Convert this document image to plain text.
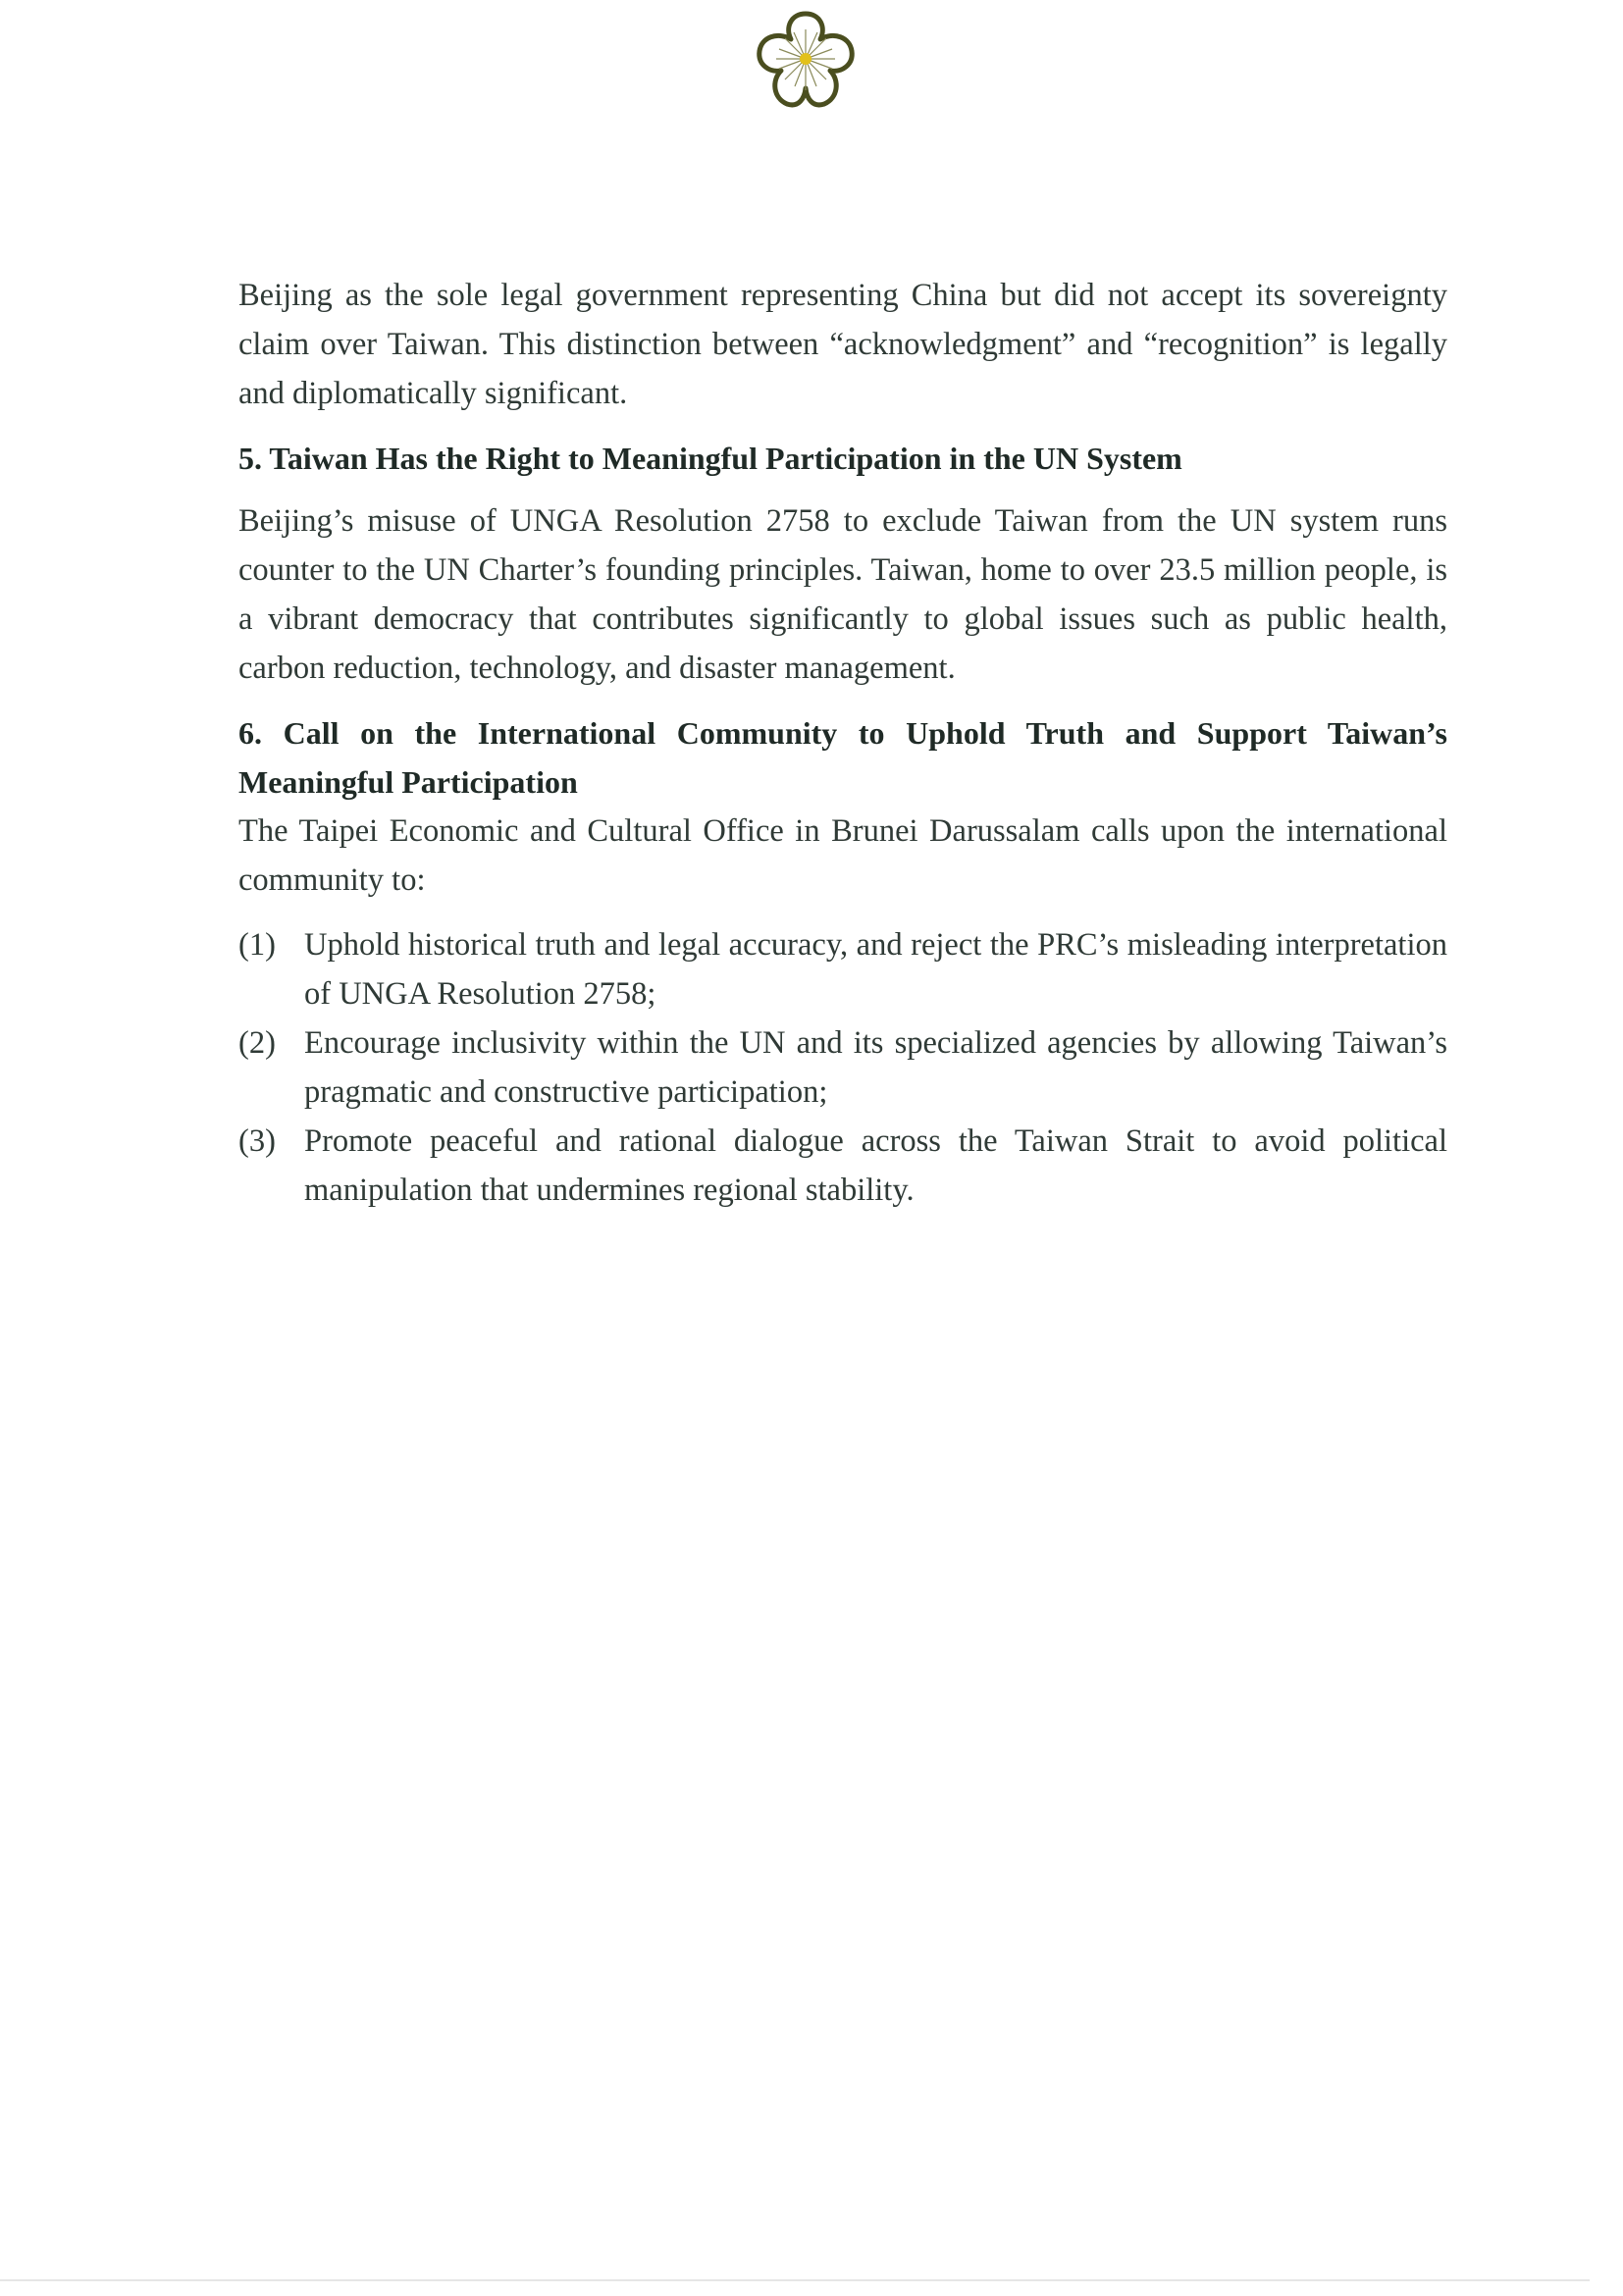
Beijing as the sole legal government representing China but did not accept its sovereignty claim over Taiwan. This distinction between “acknowledgment” and “recognition” is legally and diplomatically significant.

5. Taiwan Has the Right to Meaningful Participation in the UN System

Beijing’s misuse of UNGA Resolution 2758 to exclude Taiwan from the UN system runs counter to the UN Charter’s founding principles. Taiwan, home to over 23.5 million people, is a vibrant democracy that contributes significantly to global issues such as public health, carbon reduction, technology, and disaster management.

6. Call on the International Community to Uphold Truth and Support Taiwan’s Meaningful Participation

The Taipei Economic and Cultural Office in Brunei Darussalam calls upon the international community to:

(1) Uphold historical truth and legal accuracy, and reject the PRC’s misleading interpretation of UNGA Resolution 2758;
(2) Encourage inclusivity within the UN and its specialized agencies by allowing Taiwan’s pragmatic and constructive participation;
(3) Promote peaceful and rational dialogue across the Taiwan Strait to avoid political manipulation that undermines regional stability.
